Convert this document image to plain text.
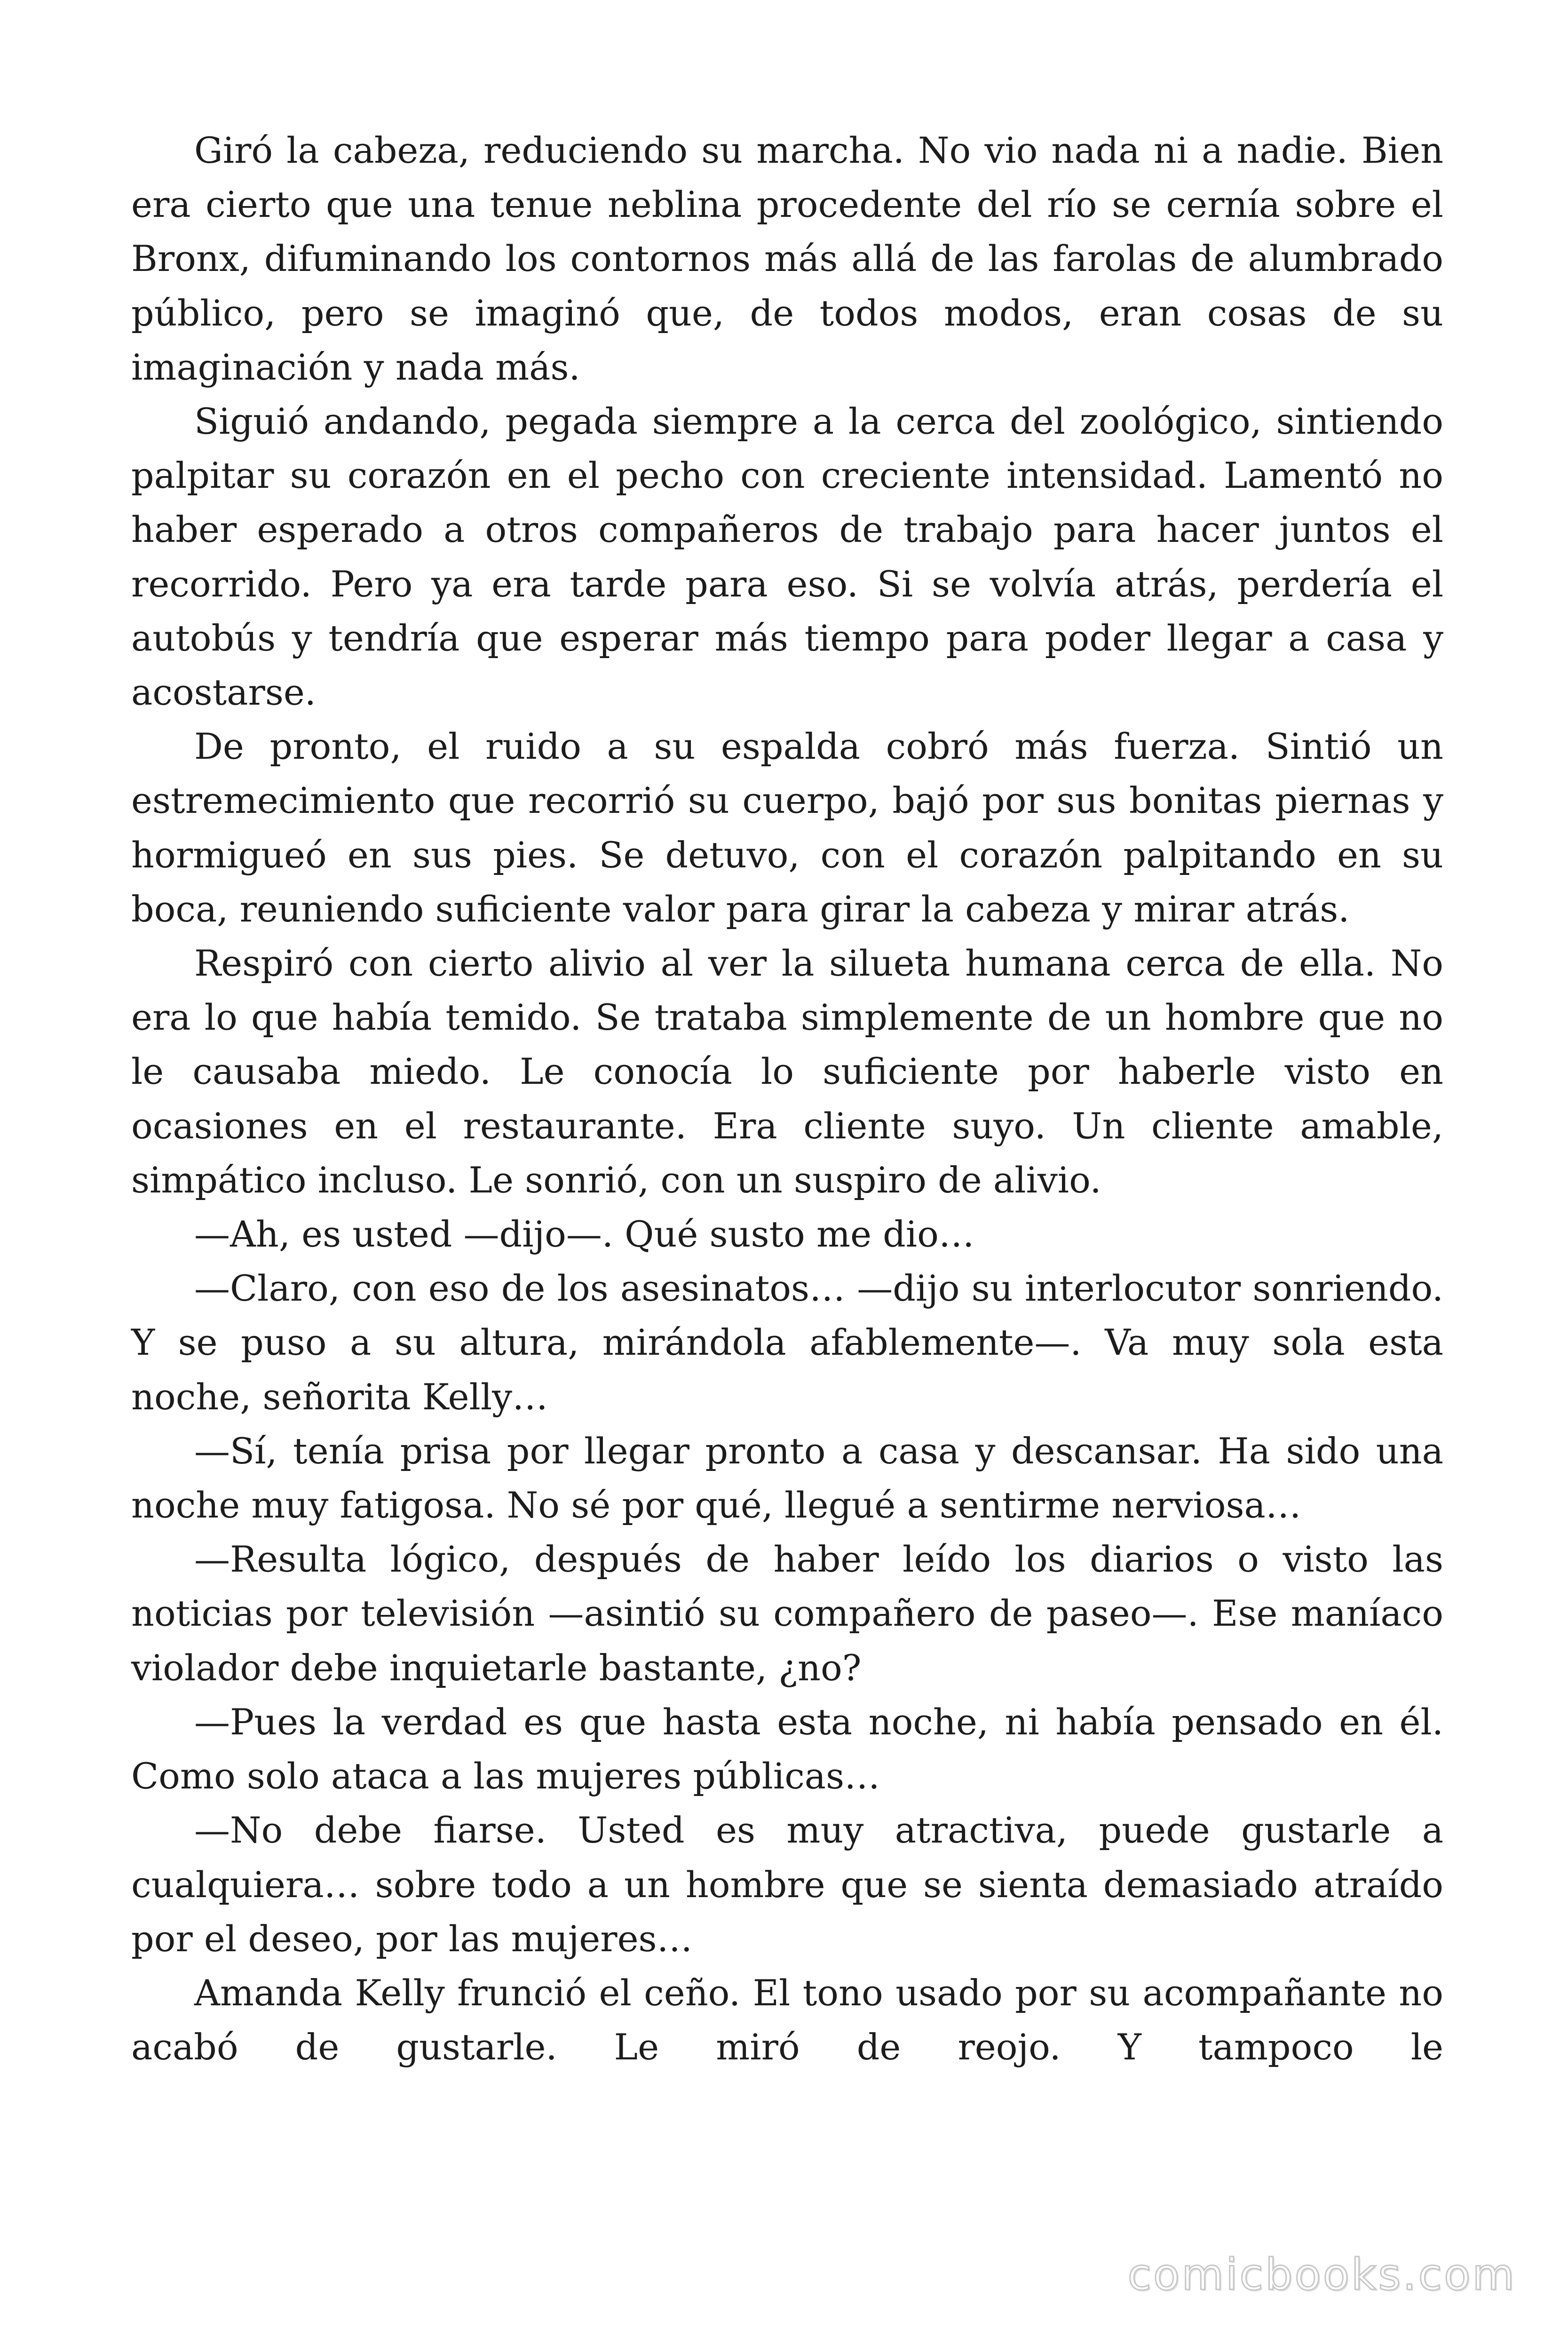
Giró la cabeza, reduciendo su marcha. No vio nada ni a nadie. Bien era cierto que una tenue neblina procedente del río se cernía sobre el Bronx, difuminando los contornos más allá de las farolas de alumbrado público, pero se imaginó que, de todos modos, eran cosas de su imaginación y nada más.

Siguió andando, pegada siempre a la cerca del zoológico, sintiendo palpitar su corazón en el pecho con creciente intensidad. Lamentó no haber esperado a otros compañeros de trabajo para hacer juntos el recorrido. Pero ya era tarde para eso. Si se volvía atrás, perdería el autobús y tendría que esperar más tiempo para poder llegar a casa y acostarse.

De pronto, el ruido a su espalda cobró más fuerza. Sintió un estremecimiento que recorrió su cuerpo, bajó por sus bonitas piernas y hormigueó en sus pies. Se detuvo, con el corazón palpitando en su boca, reuniendo suficiente valor para girar la cabeza y mirar atrás.

Respiró con cierto alivio al ver la silueta humana cerca de ella. No era lo que había temido. Se trataba simplemente de un hombre que no le causaba miedo. Le conocía lo suficiente por haberle visto en ocasiones en el restaurante. Era cliente suyo. Un cliente amable, simpático incluso. Le sonrió, con un suspiro de alivio.

—Ah, es usted —dijo—. Qué susto me dio…

—Claro, con eso de los asesinatos… —dijo su interlocutor sonriendo. Y se puso a su altura, mirándola afablemente—. Va muy sola esta noche, señorita Kelly…

—Sí, tenía prisa por llegar pronto a casa y descansar. Ha sido una noche muy fatigosa. No sé por qué, llegué a sentirme nerviosa…

—Resulta lógico, después de haber leído los diarios o visto las noticias por televisión —asintió su compañero de paseo—. Ese maníaco violador debe inquietarle bastante, ¿no?

—Pues la verdad es que hasta esta noche, ni había pensado en él. Como solo ataca a las mujeres públicas…

—No debe fiarse. Usted es muy atractiva, puede gustarle a cualquiera… sobre todo a un hombre que se sienta demasiado atraído por el deseo, por las mujeres…

Amanda Kelly frunció el ceño. El tono usado por su acompañante no acabó de gustarle. Le miró de reojo. Y tampoco le

comicbooks.com
